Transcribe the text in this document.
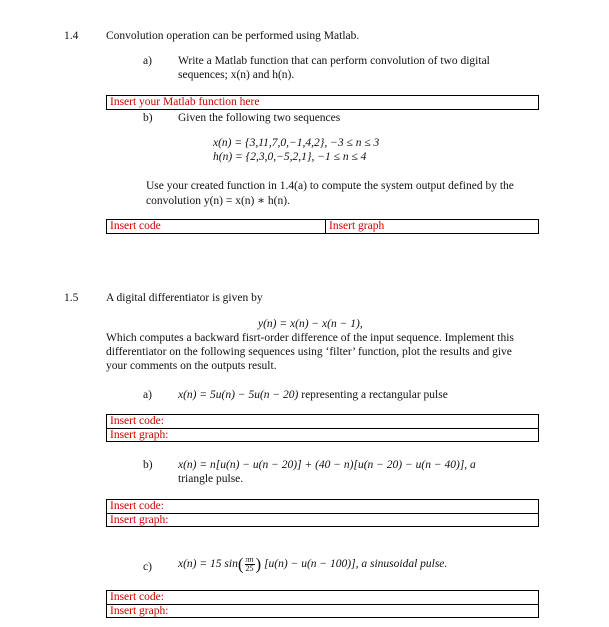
1.4 Convolution operation can be performed using Matlab.
a) Write a Matlab function that can perform convolution of two digital
sequences; x(n) and h(n).
Insert your Matlab function here
b) Given the following two sequences
x(n) = {3,11,7,0,−1,4,2}, −3 ≤ n ≤ 3
h(n) = {2,3,0,−5,2,1}, −1 ≤ n ≤ 4
Use your created function in 1.4(a) to compute the system output defined by the
convolution y(n) = x(n) ∗ h(n).
Insert code	Insert graph
1.5 A digital differentiator is given by
y(n) = x(n) − x(n − 1),
Which computes a backward fisrt-order difference of the input sequence. Implement this
differentiator on the following sequences using ‘filter’ function, plot the results and give
your comments on the outputs result.
a) x(n) = 5u(n) − 5u(n − 20) representing a rectangular pulse
Insert code:
Insert graph:
b) x(n) = n[u(n) − u(n − 20)] + (40 − n)[u(n − 20) − u(n − 40)], a
triangle pulse.
Insert code:
Insert graph:
c) x(n) = 15 $\sin( \frac{\pi n}{25}$ ) [u(n) − u(n − 100)], a sinusoidal pulse.
Insert code:
Insert graph:
